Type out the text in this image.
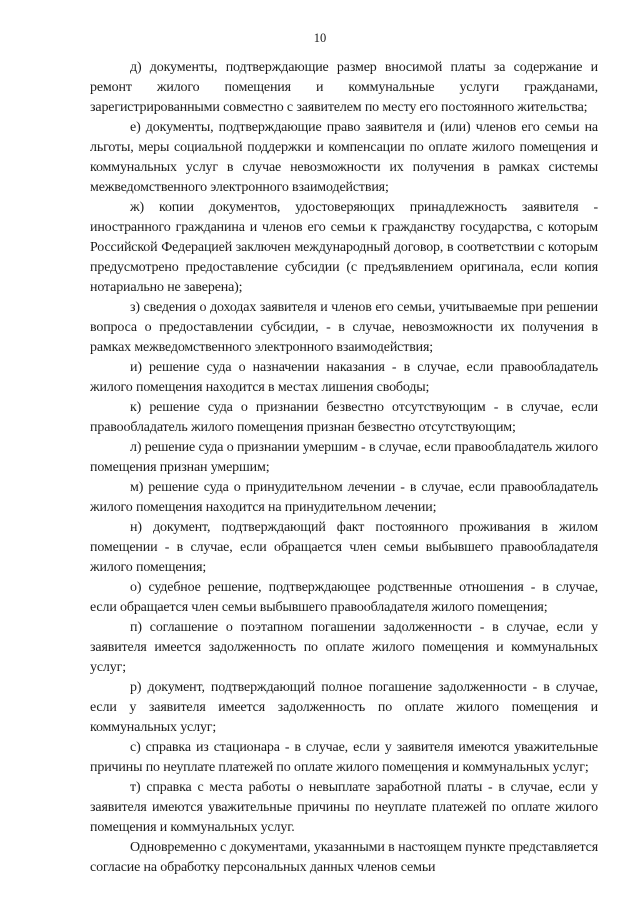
10

д) документы, подтверждающие размер вносимой платы за содержание и ремонт жилого помещения и коммунальные услуги гражданами, зарегистрированными совместно с заявителем по месту его постоянного жительства;

е) документы, подтверждающие право заявителя и (или) членов его семьи на льготы, меры социальной поддержки и компенсации по оплате жилого помещения и коммунальных услуг в случае невозможности их получения в рамках системы межведомственного электронного взаимодействия;

ж) копии документов, удостоверяющих принадлежность заявителя - иностранного гражданина и членов его семьи к гражданству государства, с которым Российской Федерацией заключен международный договор, в соответствии с которым предусмотрено предоставление субсидии (с предъявлением оригинала, если копия нотариально не заверена);

з) сведения о доходах заявителя и членов его семьи, учитываемые при решении вопроса о предоставлении субсидии, - в случае, невозможности их получения в рамках межведомственного электронного взаимодействия;

и) решение суда о назначении наказания - в случае, если правообладатель жилого помещения находится в местах лишения свободы;

к) решение суда о признании безвестно отсутствующим - в случае, если правообладатель жилого помещения признан безвестно отсутствующим;

л) решение суда о признании умершим - в случае, если правообладатель жилого помещения признан умершим;

м) решение суда о принудительном лечении - в случае, если правообладатель жилого помещения находится на принудительном лечении;

н) документ, подтверждающий факт постоянного проживания в жилом помещении - в случае, если обращается член семьи выбывшего правообладателя жилого помещения;

о) судебное решение, подтверждающее родственные отношения - в случае, если обращается член семьи выбывшего правообладателя жилого помещения;

п) соглашение о поэтапном погашении задолженности - в случае, если у заявителя имеется задолженность по оплате жилого помещения и коммунальных услуг;

р) документ, подтверждающий полное погашение задолженности - в случае, если у заявителя имеется задолженность по оплате жилого помещения и коммунальных услуг;

с) справка из стационара - в случае, если у заявителя имеются уважительные причины по неуплате платежей по оплате жилого помещения и коммунальных услуг;

т) справка с места работы о невыплате заработной платы - в случае, если у заявителя имеются уважительные причины по неуплате платежей по оплате жилого помещения и коммунальных услуг.

Одновременно с документами, указанными в настоящем пункте представляется согласие на обработку персональных данных членов семьи
